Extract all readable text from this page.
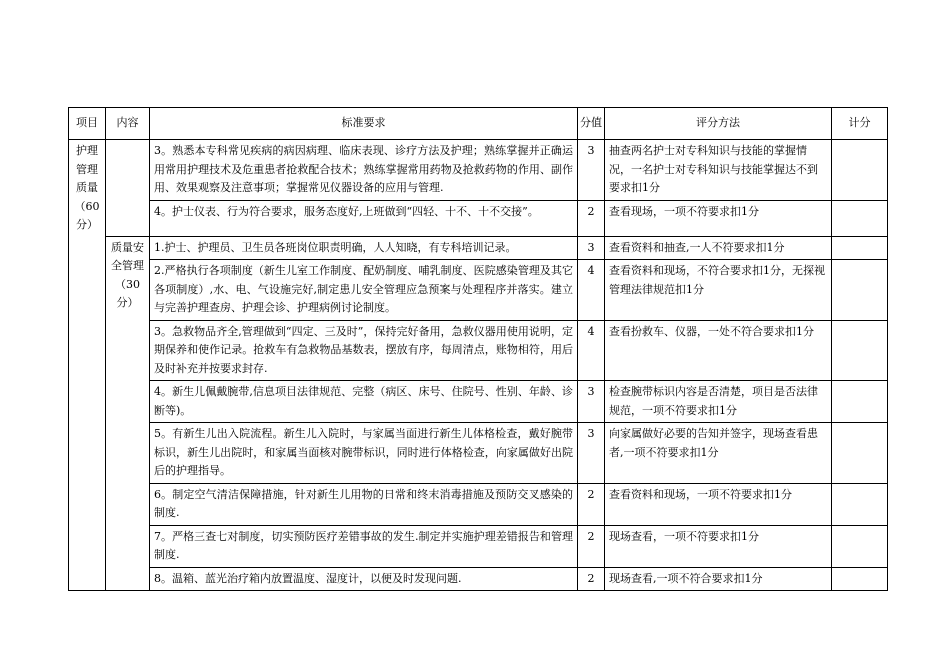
项目	内容	标准要求	分值	评分方法	计分
护理管理质量（60分）		3。熟悉本专科常见疾病的病因病理、临床表现、诊疗方法及护理；熟练掌握并正确运用常用护理技术及危重患者抢救配合技术；熟练掌握常用药物及抢救药物的作用、副作用、效果观察及注意事项；掌握常见仪器设备的应用与管理.	3	抽查两名护士对专科知识与技能的掌握情况，一名护士对专科知识与技能掌握达不到要求扣1分	
		4。护士仪表、行为符合要求，服务态度好,上班做到“四轻、十不、十不交接”。	2	查看现场，一项不符要求扣1分	
	质量安全管理（30分）	1.护士、护理员、卫生员各班岗位职责明确，人人知晓，有专科培训记录。	3	查看资料和抽查,一人不符要求扣1分	
		2.严格执行各项制度（新生儿室工作制度、配奶制度、哺乳制度、医院感染管理及其它各项制度）,水、电、气设施完好,制定患儿安全管理应急预案与处理程序并落实。建立与完善护理查房、护理会诊、护理病例讨论制度。	4	查看资料和现场，不符合要求扣1分，无探视管理法律规范扣1分	
		3。急救物品齐全,管理做到“四定、三及时”，保持完好备用，急救仪器用使用说明，定期保养和使作记录。抢救车有急救物品基数表，摆放有序，每周清点，账物相符，用后及时补充并按要求封存.	4	查看扮救车、仪器，一处不符合要求扣1分	
		4。新生儿佩戴腕带,信息项目法律规范、完整（病区、床号、住院号、性别、年龄、诊断等)。	3	检查腕带标识内容是否清楚，项目是否法律规范，一项不符要求扣1分	
		5。有新生儿出入院流程。新生儿入院时，与家属当面进行新生儿体格检查，戴好腕带标识，新生儿出院时，和家属当面核对腕带标识，同时进行体格检查，向家属做好出院后的护理指导。	3	向家属做好必要的告知并签字，现场查看患者,一项不符要求扣1分	
		6。制定空气清洁保障措施，针对新生儿用物的日常和终末消毒措施及预防交叉感染的制度.	2	查看资料和现场，一项不符要求扣1分	
		7。严格三查七对制度，切实预防医疗差错事故的发生.制定并实施护理差错报告和管理制度.	2	现场查看，一项不符要求扣1分	
		8。温箱、蓝光治疗箱内放置温度、湿度计，以便及时发现问题.	2	现场查看,一项不符合要求扣1分	
